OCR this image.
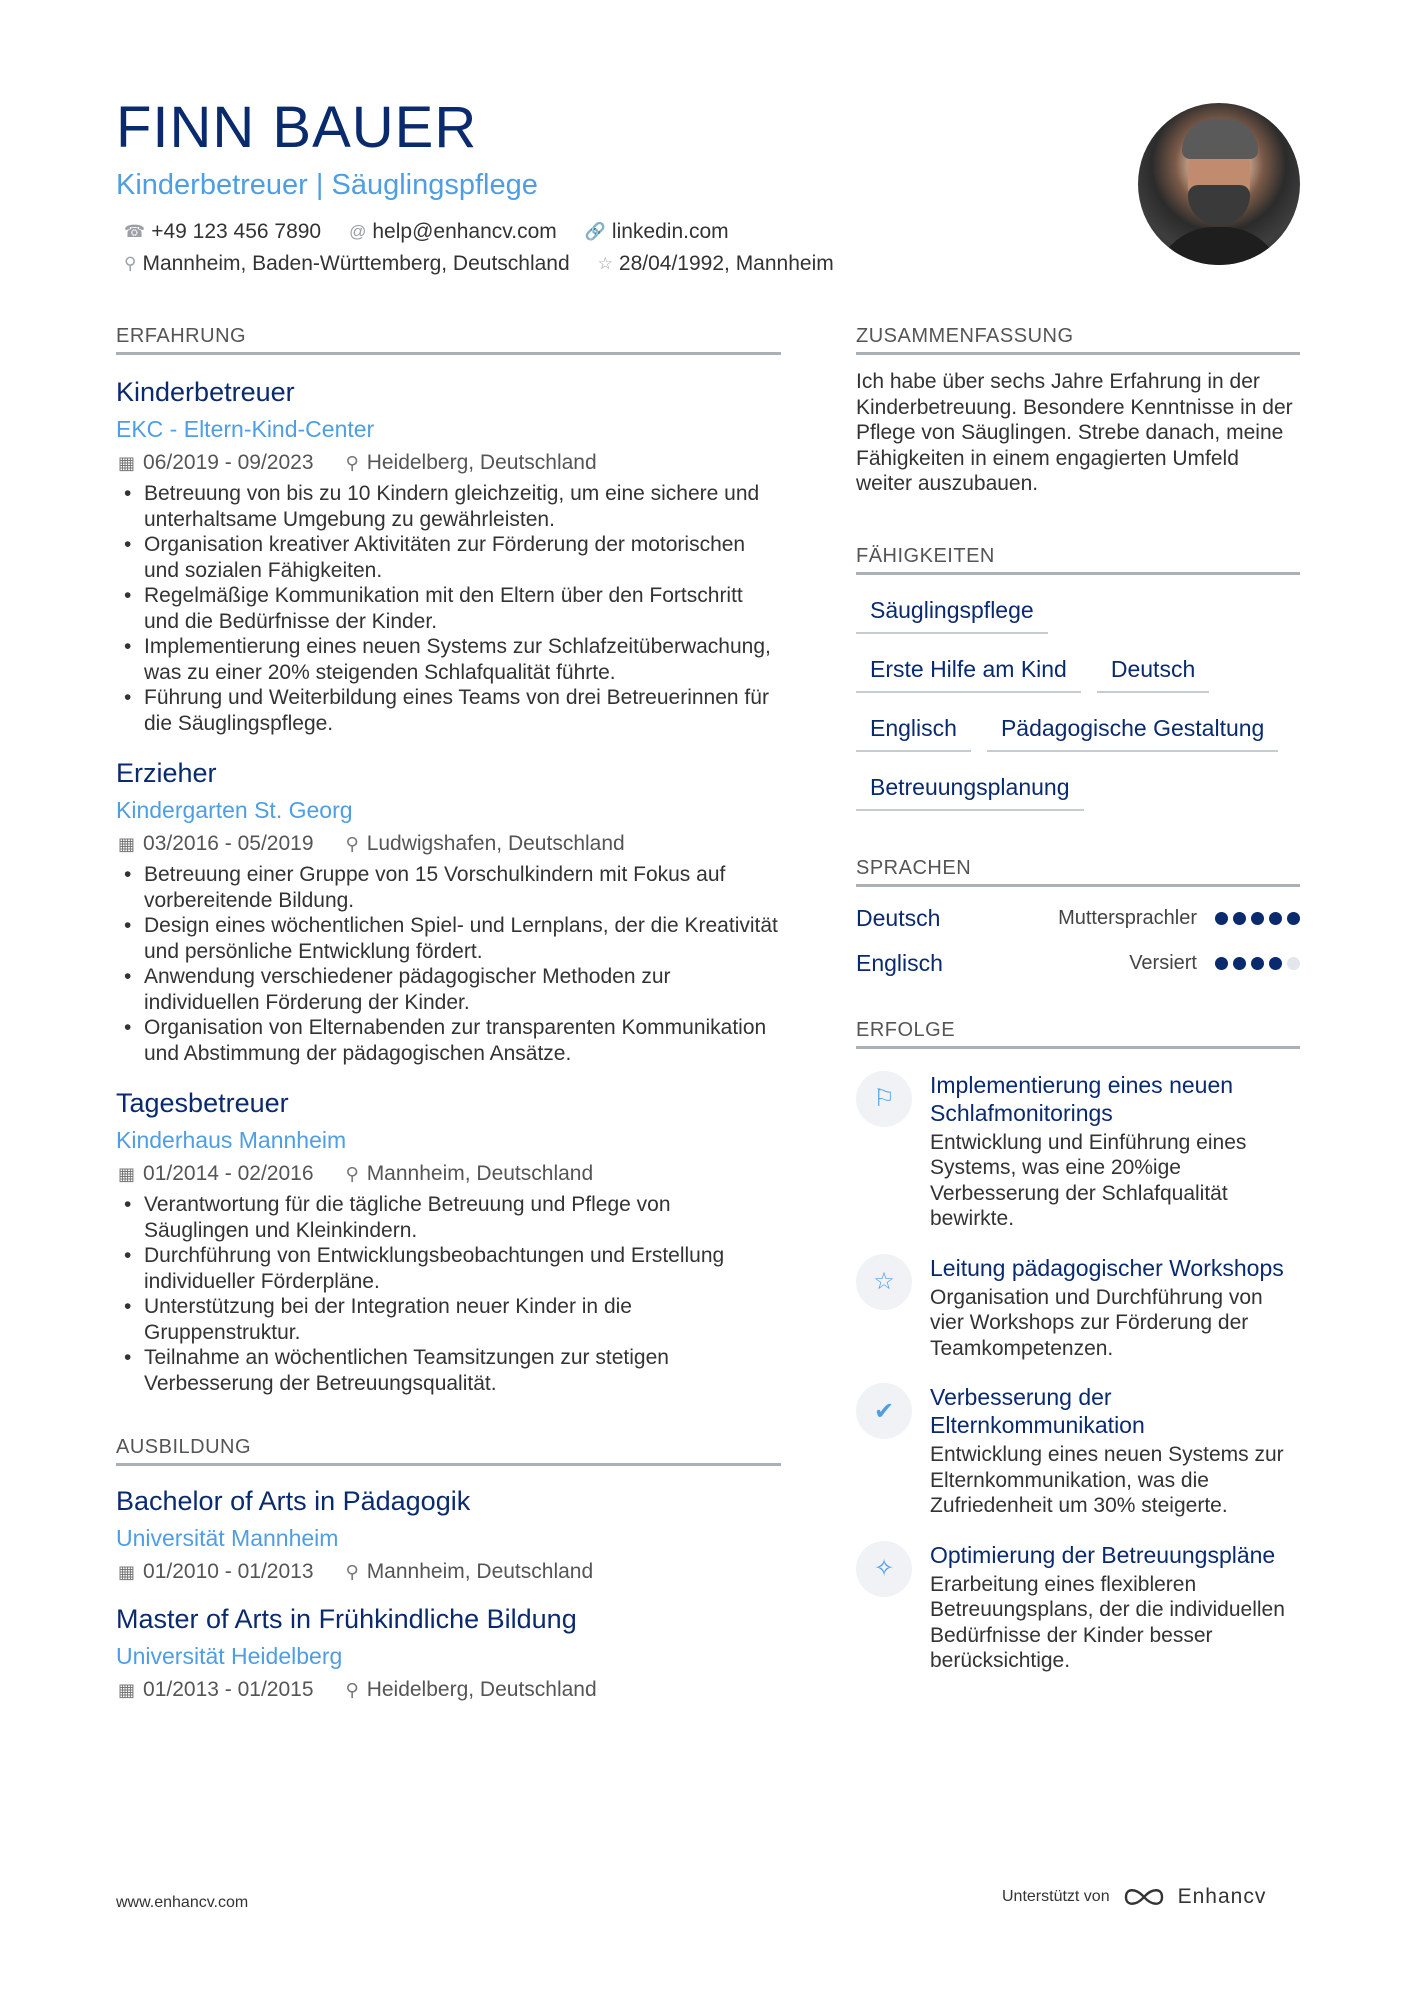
FINN BAUER
Kinderbetreuer | Säuglingspflege
☎ +49 123 456 7890 @ help@enhancv.com 🔗 linkedin.com
⚲ Mannheim, Baden-Württemberg, Deutschland ☆ 28/04/1992, Mannheim
ERFAHRUNG
Kinderbetreuer
EKC - Eltern-Kind-Center
▦ 06/2019 - 09/2023 ⚲ Heidelberg, Deutschland
• Betreuung von bis zu 10 Kindern gleichzeitig, um eine sichere und unterhaltsame Umgebung zu gewährleisten.
• Organisation kreativer Aktivitäten zur Förderung der motorischen und sozialen Fähigkeiten.
• Regelmäßige Kommunikation mit den Eltern über den Fortschritt und die Bedürfnisse der Kinder.
• Implementierung eines neuen Systems zur Schlafzeitüberwachung, was zu einer 20% steigenden Schlafqualität führte.
• Führung und Weiterbildung eines Teams von drei Betreuerinnen für die Säuglingspflege.
Erzieher
Kindergarten St. Georg
▦ 03/2016 - 05/2019 ⚲ Ludwigshafen, Deutschland
• Betreuung einer Gruppe von 15 Vorschulkindern mit Fokus auf vorbereitende Bildung.
• Design eines wöchentlichen Spiel- und Lernplans, der die Kreativität und persönliche Entwicklung fördert.
• Anwendung verschiedener pädagogischer Methoden zur individuellen Förderung der Kinder.
• Organisation von Elternabenden zur transparenten Kommunikation und Abstimmung der pädagogischen Ansätze.
Tagesbetreuer
Kinderhaus Mannheim
▦ 01/2014 - 02/2016 ⚲ Mannheim, Deutschland
• Verantwortung für die tägliche Betreuung und Pflege von Säuglingen und Kleinkindern.
• Durchführung von Entwicklungsbeobachtungen und Erstellung individueller Förderpläne.
• Unterstützung bei der Integration neuer Kinder in die Gruppenstruktur.
• Teilnahme an wöchentlichen Teamsitzungen zur stetigen Verbesserung der Betreuungsqualität.
AUSBILDUNG
Bachelor of Arts in Pädagogik
Universität Mannheim
▦ 01/2010 - 01/2013 ⚲ Mannheim, Deutschland
Master of Arts in Frühkindliche Bildung
Universität Heidelberg
▦ 01/2013 - 01/2015 ⚲ Heidelberg, Deutschland
ZUSAMMENFASSUNG
Ich habe über sechs Jahre Erfahrung in der Kinderbetreuung. Besondere Kenntnisse in der Pflege von Säuglingen. Strebe danach, meine Fähigkeiten in einem engagierten Umfeld weiter auszubauen.
FÄHIGKEITEN
Säuglingspflege
Erste Hilfe am Kind	Deutsch
Englisch	Pädagogische Gestaltung
Betreuungsplanung
SPRACHEN
Deutsch	Muttersprachler
Englisch	Versiert
ERFOLGE
⚐
Implementierung eines neuen Schlafmonitorings
Entwicklung und Einführung eines Systems, was eine 20%ige Verbesserung der Schlafqualität bewirkte.
☆
Leitung pädagogischer Workshops
Organisation und Durchführung von vier Workshops zur Förderung der Teamkompetenzen.
✔
Verbesserung der Elternkommunikation
Entwicklung eines neuen Systems zur Elternkommunikation, was die Zufriedenheit um 30% steigerte.
✧
Optimierung der Betreuungspläne
Erarbeitung eines flexibleren Betreuungsplans, der die individuellen Bedürfnisse der Kinder besser berücksichtige.
www.enhancv.com	Unterstützt von	Enhancv
